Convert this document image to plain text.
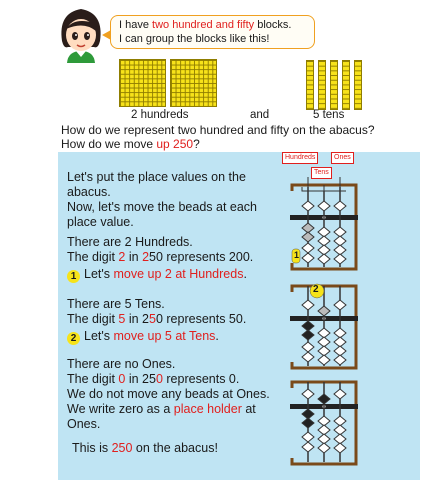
I have two hundred and fifty blocks.
I can group the blocks like this!
2 hundreds	and	5 tens
How do we represent two hundred and fifty on the abacus?
How do we move up 250?
Hundreds	Ones
Tens
Let's put the place values on the
abacus.
Now, let's move the beads at each
place value.
There are 2 Hundreds.
The digit 2 in 250 represents 200.
1 Let's move up 2 at Hundreds.
There are 5 Tens.
The digit 5 in 250 represents 50.
2 Let's move up 5 at Tens.
There are no Ones.
The digit 0 in 250 represents 0.
We do not move any beads at Ones.
We write zero as a place holder at
Ones.
This is 250 on the abacus!
1
2
